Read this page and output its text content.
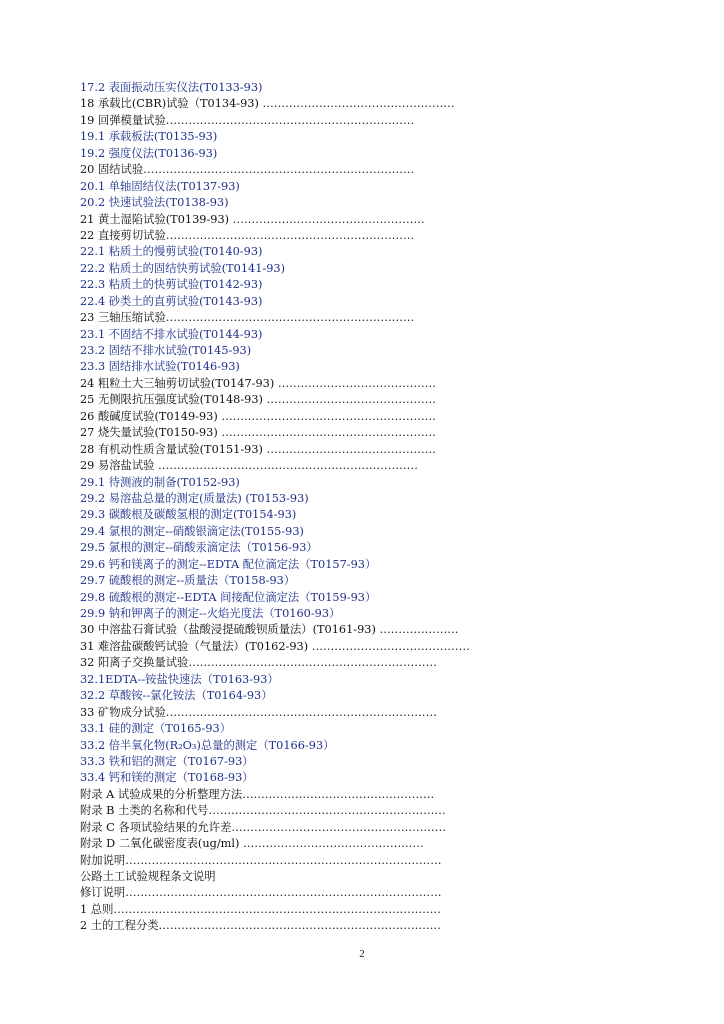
17.2 表面振动压实仪法(T0133-93)
18 承载比(CBR)试验（T0134-93) ……………………………………………
19 回弹模量试验…………………………………………………………
19.1 承载板法(T0135-93)
19.2 强度仪法(T0136-93)
20 固结试验………………………………………………………………
20.1 单轴固结仪法(T0137-93)
20.2 快速试验法(T0138-93)
21 黄土湿陷试验(T0139-93) ……………………………………………
22 直接剪切试验…………………………………………………………
22.1 粘质土的慢剪试验(T0140-93)
22.2 粘质土的固结快剪试验(T0141-93)
22.3 粘质土的快剪试验(T0142-93)
22.4 砂类土的直剪试验(T0143-93)
23 三轴压缩试验…………………………………………………………
23.1 不固结不排水试验(T0144-93)
23.2 固结不排水试验(T0145-93)
23.3 固结排水试验(T0146-93)
24 粗粒土大三轴剪切试验(T0147-93) ……………………………………
25 无侧限抗压强度试验(T0148-93) ………………………………………
26 酸碱度试验(T0149-93) …………………………………………………
27 烧失量试验(T0150-93) …………………………………………………
28 有机动性质含量试验(T0151-93) ………………………………………
29 易溶盐试验 ……………………………………………………………
29.1 待测液的制备(T0152-93)
29.2 易溶盐总量的测定(质量法) (T0153-93)
29.3 碳酸根及碳酸氢根的测定(T0154-93)
29.4 氯根的测定--硝酸银滴定法(T0155-93)
29.5 氯根的测定--硝酸汞滴定法（T0156-93）
29.6 钙和镁离子的测定--EDTA 配位滴定法（T0157-93）
29.7 硫酸根的测定--质量法（T0158-93）
29.8 硫酸根的测定--EDTA 间接配位滴定法（T0159-93）
29.9 钠和钾离子的测定--火焰光度法（T0160-93）
30 中溶盐石膏试验（盐酸浸提硫酸钡质量法）(T0161-93) …………………
31 难溶盐碳酸钙试验（气量法）(T0162-93) ……………………………………
32 阳离子交换量试验…………………………………………………………
32.1EDTA--铵盐快速法（T0163-93）
32.2 草酸铵--氯化铵法（T0164-93）
33 矿物成分试验………………………………………………………………
33.1 硅的测定（T0165-93）
33.2 倍半氧化物(R₂O₃)总量的测定（T0166-93）
33.3 铁和铝的测定（T0167-93）
33.4 钙和镁的测定（T0168-93）
附录 A 试验成果的分析整理方法……………………………………………
附录 B 土类的名称和代号………………………………………………………
附录 C 各项试验结果的允许差…………………………………………………
附录 D 二氧化碳密度表(ug/ml) …………………………………………
附加说明…………………………………………………………………………
公路土工试验规程条文说明
修订说明…………………………………………………………………………
1 总则……………………………………………………………………………
2 土的工程分类…………………………………………………………………
2
